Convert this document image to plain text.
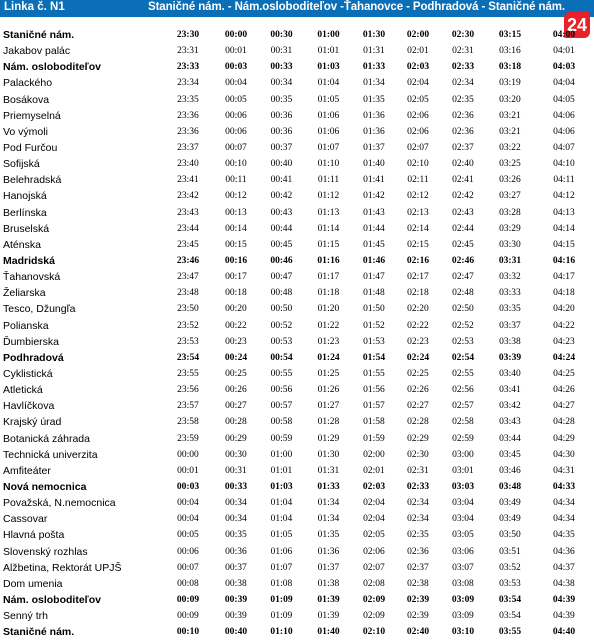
Linka č. N1	Staničné nám. - Nám.osloboditeľov -Ťahanovce - Podhradová - Staničné nám.
24
Staničné nám.	23:30	00:00	00:30	01:00	01:30	02:00	02:30	03:15	04:00
Jakabov palác	23:31	00:01	00:31	01:01	01:31	02:01	02:31	03:16	04:01
Nám. osloboditeľov	23:33	00:03	00:33	01:03	01:33	02:03	02:33	03:18	04:03
Palackého	23:34	00:04	00:34	01:04	01:34	02:04	02:34	03:19	04:04
Bosákova	23:35	00:05	00:35	01:05	01:35	02:05	02:35	03:20	04:05
Priemyselná	23:36	00:06	00:36	01:06	01:36	02:06	02:36	03:21	04:06
Vo výmoli	23:36	00:06	00:36	01:06	01:36	02:06	02:36	03:21	04:06
Pod Furčou	23:37	00:07	00:37	01:07	01:37	02:07	02:37	03:22	04:07
Sofijská	23:40	00:10	00:40	01:10	01:40	02:10	02:40	03:25	04:10
Belehradská	23:41	00:11	00:41	01:11	01:41	02:11	02:41	03:26	04:11
Hanojská	23:42	00:12	00:42	01:12	01:42	02:12	02:42	03:27	04:12
Berlínska	23:43	00:13	00:43	01:13	01:43	02:13	02:43	03:28	04:13
Bruselská	23:44	00:14	00:44	01:14	01:44	02:14	02:44	03:29	04:14
Aténska	23:45	00:15	00:45	01:15	01:45	02:15	02:45	03:30	04:15
Madridská	23:46	00:16	00:46	01:16	01:46	02:16	02:46	03:31	04:16
Ťahanovská	23:47	00:17	00:47	01:17	01:47	02:17	02:47	03:32	04:17
Želiarska	23:48	00:18	00:48	01:18	01:48	02:18	02:48	03:33	04:18
Tesco, Džungľa	23:50	00:20	00:50	01:20	01:50	02:20	02:50	03:35	04:20
Polianska	23:52	00:22	00:52	01:22	01:52	02:22	02:52	03:37	04:22
Ďumbierska	23:53	00:23	00:53	01:23	01:53	02:23	02:53	03:38	04:23
Podhradová	23:54	00:24	00:54	01:24	01:54	02:24	02:54	03:39	04:24
Cyklistická	23:55	00:25	00:55	01:25	01:55	02:25	02:55	03:40	04:25
Atletická	23:56	00:26	00:56	01:26	01:56	02:26	02:56	03:41	04:26
Havlíčkova	23:57	00:27	00:57	01:27	01:57	02:27	02:57	03:42	04:27
Krajský úrad	23:58	00:28	00:58	01:28	01:58	02:28	02:58	03:43	04:28
Botanická záhrada	23:59	00:29	00:59	01:29	01:59	02:29	02:59	03:44	04:29
Technická univerzita	00:00	00:30	01:00	01:30	02:00	02:30	03:00	03:45	04:30
Amfiteáter	00:01	00:31	01:01	01:31	02:01	02:31	03:01	03:46	04:31
Nová nemocnica	00:03	00:33	01:03	01:33	02:03	02:33	03:03	03:48	04:33
Považská, N.nemocnica	00:04	00:34	01:04	01:34	02:04	02:34	03:04	03:49	04:34
Cassovar	00:04	00:34	01:04	01:34	02:04	02:34	03:04	03:49	04:34
Hlavná pošta	00:05	00:35	01:05	01:35	02:05	02:35	03:05	03:50	04:35
Slovenský rozhlas	00:06	00:36	01:06	01:36	02:06	02:36	03:06	03:51	04:36
Alžbetina, Rektorát UPJŠ	00:07	00:37	01:07	01:37	02:07	02:37	03:07	03:52	04:37
Dom umenia	00:08	00:38	01:08	01:38	02:08	02:38	03:08	03:53	04:38
Nám. osloboditeľov	00:09	00:39	01:09	01:39	02:09	02:39	03:09	03:54	04:39
Senný trh	00:09	00:39	01:09	01:39	02:09	02:39	03:09	03:54	04:39
Staničné nám.	00:10	00:40	01:10	01:40	02:10	02:40	03:10	03:55	04:40
